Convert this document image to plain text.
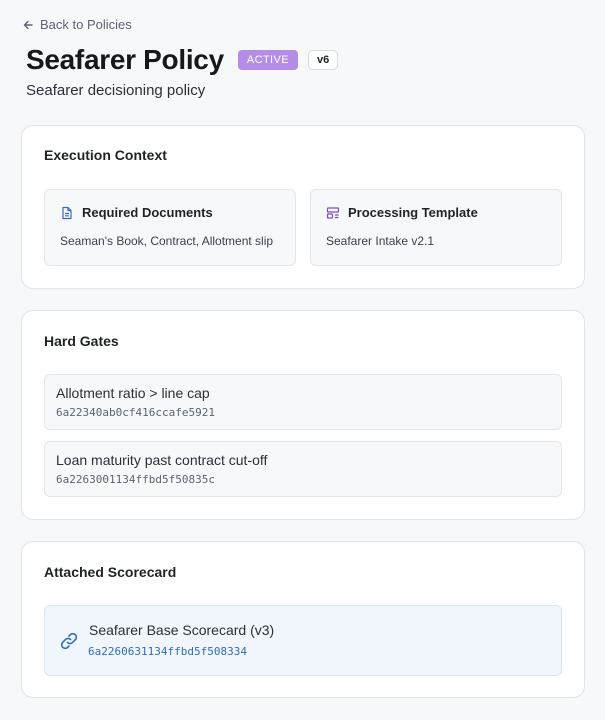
Back to Policies
Seafarer Policy	ACTIVE	v6
Seafarer decisioning policy
Execution Context
Required Documents
Seaman's Book, Contract, Allotment slip
Processing Template
Seafarer Intake v2.1
Hard Gates
Allotment ratio > line cap
6a22340ab0cf416ccafe5921
Loan maturity past contract cut-off
6a2263001134ffbd5f50835c
Attached Scorecard
Seafarer Base Scorecard (v3)
6a2260631134ffbd5f508334
